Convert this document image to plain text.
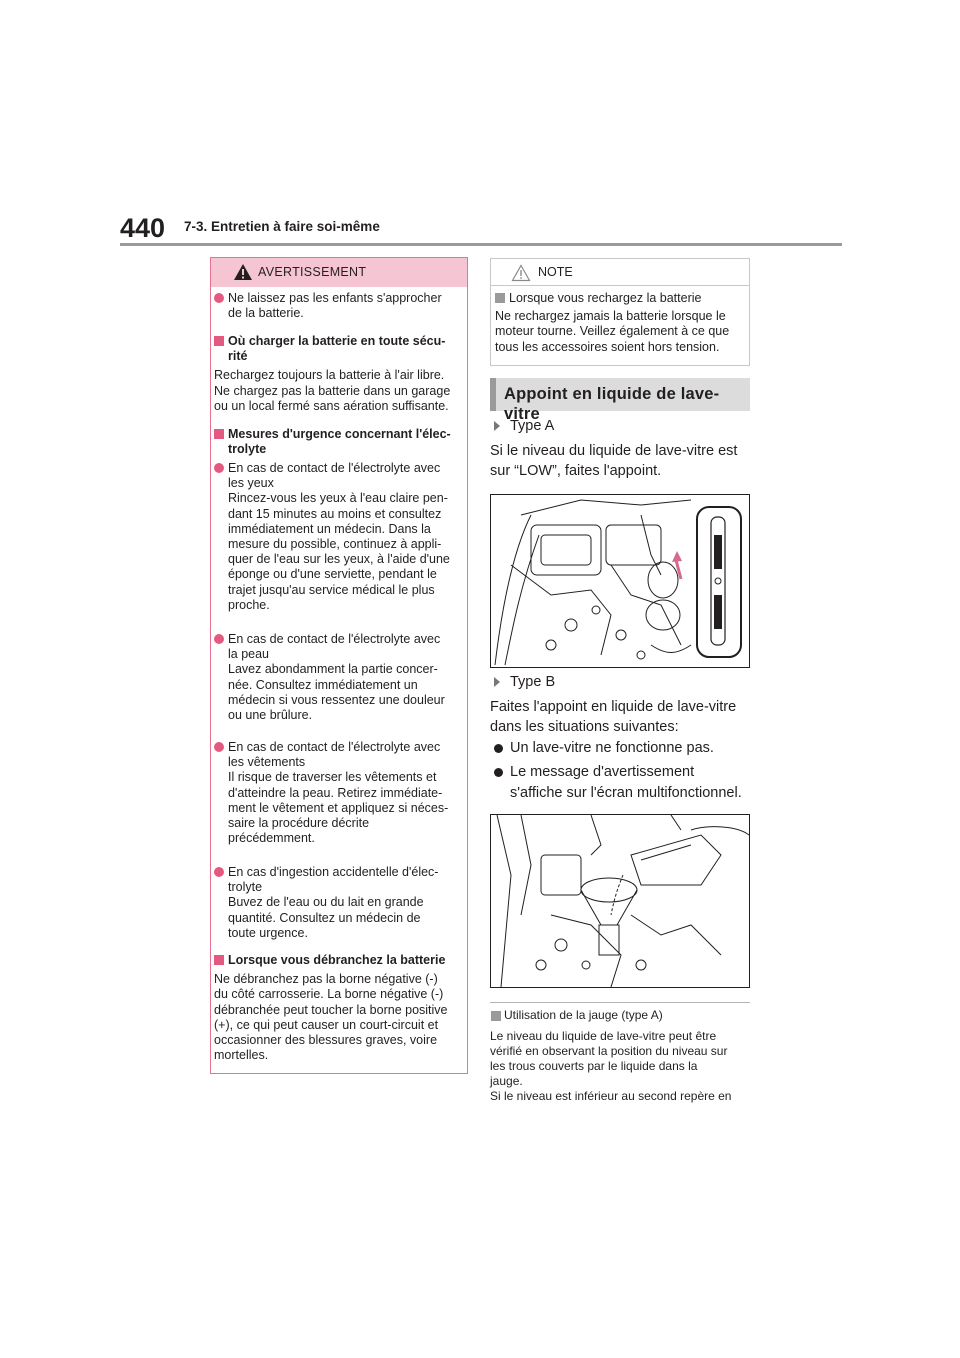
440 7-3. Entretien à faire soi-même
AVERTISSEMENT
Ne laissez pas les enfants s'approcher
de la batterie.
Où charger la batterie en toute sécu-
rité
Rechargez toujours la batterie à l'air libre.
Ne chargez pas la batterie dans un garage
ou un local fermé sans aération suffisante.
Mesures d'urgence concernant l'élec-
trolyte
En cas de contact de l'électrolyte avec
les yeux
Rincez-vous les yeux à l'eau claire pen-
dant 15 minutes au moins et consultez
immédiatement un médecin. Dans la
mesure du possible, continuez à appli-
quer de l'eau sur les yeux, à l'aide d'une
éponge ou d'une serviette, pendant le
trajet jusqu'au service médical le plus
proche.
En cas de contact de l'électrolyte avec
la peau
Lavez abondamment la partie concer-
née. Consultez immédiatement un
médecin si vous ressentez une douleur
ou une brûlure.
En cas de contact de l'électrolyte avec
les vêtements
Il risque de traverser les vêtements et
d'atteindre la peau. Retirez immédiate-
ment le vêtement et appliquez si néces-
saire la procédure décrite
précédemment.
En cas d'ingestion accidentelle d'élec-
trolyte
Buvez de l'eau ou du lait en grande
quantité. Consultez un médecin de
toute urgence.
Lorsque vous débranchez la batterie
Ne débranchez pas la borne négative (-)
du côté carrosserie. La borne négative (-)
débranchée peut toucher la borne positive
(+), ce qui peut causer un court-circuit et
occasionner des blessures graves, voire
mortelles.
NOTE
Lorsque vous rechargez la batterie
Ne rechargez jamais la batterie lorsque le
moteur tourne. Veillez également à ce que
tous les accessoires soient hors tension.
Appoint en liquide de lave-vitre
Type A
Si le niveau du liquide de lave-vitre est
sur “LOW”, faites l'appoint.
Type B
Faites l'appoint en liquide de lave-vitre
dans les situations suivantes:
Un lave-vitre ne fonctionne pas.
Le message d'avertissement
s'affiche sur l'écran multifonctionnel.
Utilisation de la jauge (type A)
Le niveau du liquide de lave-vitre peut être
vérifié en observant la position du niveau sur
les trous couverts par le liquide dans la
jauge.
Si le niveau est inférieur au second repère en
